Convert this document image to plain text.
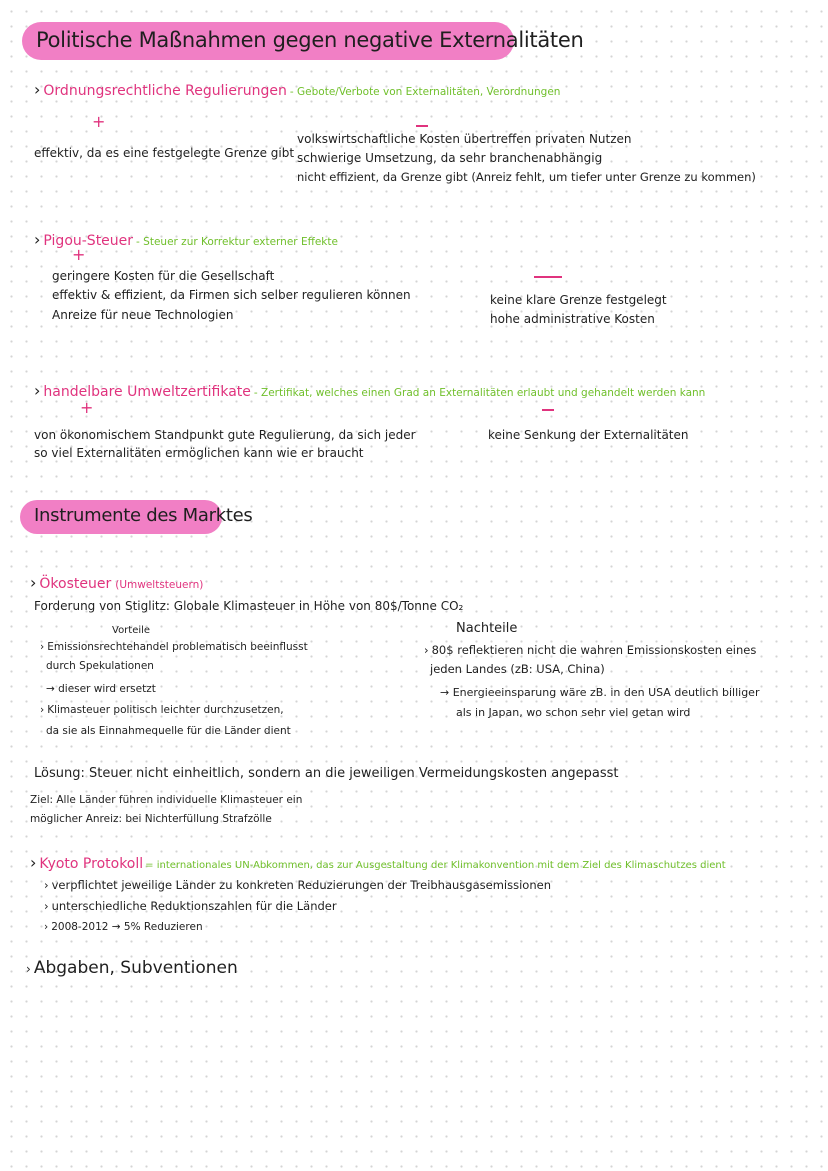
Politische Maßnahmen gegen negative Externalitäten
› Ordnungsrechtliche Regulierungen - Gebote/Verbote von Externalitäten, Verordnungen
+
effektiv, da es eine festgelegte Grenze gibt
volkswirtschaftliche Kosten übertreffen privaten Nutzen
schwierige Umsetzung, da sehr branchenabhängig
nicht effizient, da Grenze gibt (Anreiz fehlt, um tiefer unter Grenze zu kommen)
› Pigou-Steuer - Steuer zur Korrektur externer Effekte
+
geringere Kosten für die Gesellschaft
effektiv & effizient, da Firmen sich selber regulieren können
Anreize für neue Technologien
keine klare Grenze festgelegt
hohe administrative Kosten
› handelbare Umweltzertifikate - Zertifikat, welches einen Grad an Externalitäten erlaubt und gehandelt werden kann
+
von ökonomischem Standpunkt gute Regulierung, da sich jeder
so viel Externalitäten ermöglichen kann wie er braucht
keine Senkung der Externalitäten
Instrumente des Marktes
› Ökosteuer (Umweltsteuern)
Forderung von Stiglitz: Globale Klimasteuer in Höhe von 80$/Tonne CO₂
Vorteile
› Emissionsrechtehandel problematisch beeinflusst
durch Spekulationen
→ dieser wird ersetzt
› Klimasteuer politisch leichter durchzusetzen,
da sie als Einnahmequelle für die Länder dient
Nachteile
› 80$ reflektieren nicht die wahren Emissionskosten eines
jeden Landes (zB: USA, China)
→ Energieeinsparung wäre zB. in den USA deutlich billiger
als in Japan, wo schon sehr viel getan wird
Lösung: Steuer nicht einheitlich, sondern an die jeweiligen Vermeidungskosten angepasst
Ziel: Alle Länder führen individuelle Klimasteuer ein
möglicher Anreiz: bei Nichterfüllung Strafzölle
› Kyoto Protokoll = internationales UN-Abkommen, das zur Ausgestaltung der Klimakonvention mit dem Ziel des Klimaschutzes dient
› verpflichtet jeweilige Länder zu konkreten Reduzierungen der Treibhausgasemissionen
› unterschiedliche Reduktionszahlen für die Länder
› 2008-2012 → 5% Reduzieren
› Abgaben, Subventionen
